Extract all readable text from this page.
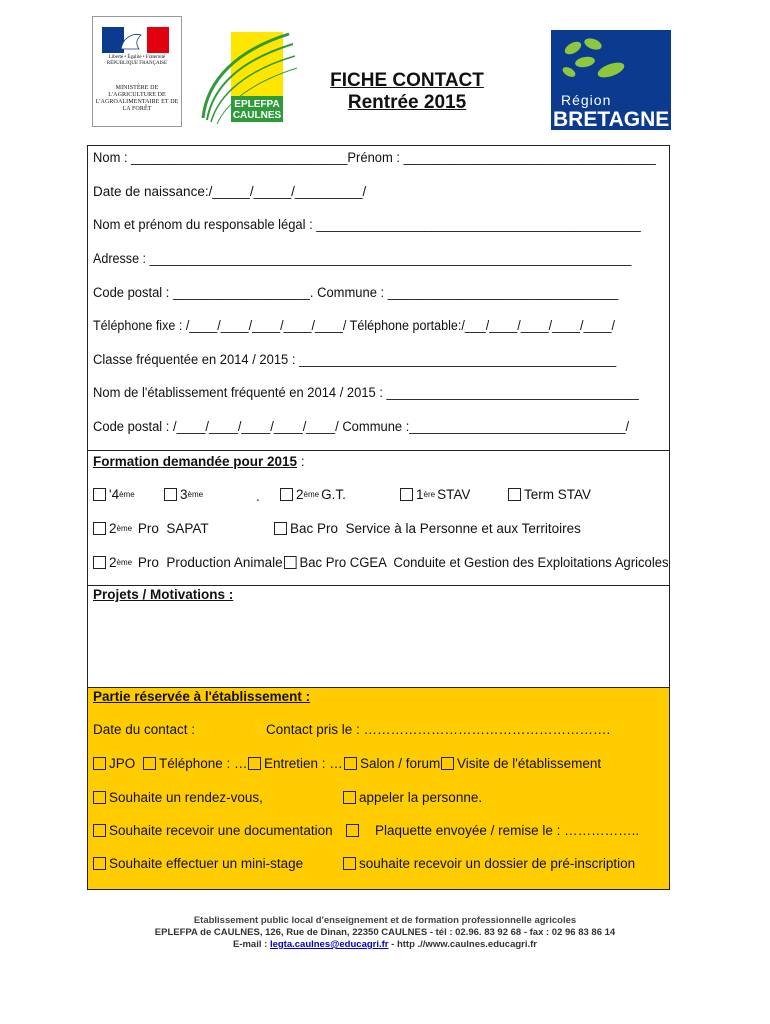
Liberté • Égalité • Fraternité
RÉPUBLIQUE FRANÇAISE
MINISTÈRE DE L'AGRICULTURE DE L'AGROALIMENTAIRE ET DE LA FORÊT	EPLEFPA
CAULNES
FICHE CONTACT
Rentrée 2015	Région
BRETAGNE
Nom : ______________________________Prénom : ___________________________________
Date de naissance:/_____/_____/_________/
Nom et prénom du responsable légal : _____________________________________________
Adresse : _____________________________________________________________________
Code postal : ___________________. Commune : ________________________________
Téléphone fixe : /____/____/____/____/____/ Téléphone portable:/___/____/____/____/____/
Classe fréquentée en 2014 / 2015 : ____________________________________________
Nom de l'établissement fréquenté en 2014 / 2015 : ___________________________________
Code postal : /____/____/____/____/____/ Commune :______________________________/
Formation demandée pour 2015 :
'4 ème	3 ème	.	2 ème G.T.	1 ère STAV	Term STAV
2 ème Pro  SAPAT	Bac Pro  Service à la Personne et aux Territoires
2 ème Pro  Production Animale Bac Pro CGEA  Conduite et Gestion des Exploitations Agricoles
Projets / Motivations :
Partie réservée à l'établissement :
Date du contact :	Contact pris le : ……………………………………………….
JPO Téléphone : … Entretien : … Salon / forum Visite de l'établissement
Souhaite un rendez-vous,	appeler la personne.
Souhaite recevoir une documentation	Plaquette envoyée / remise le : ……………..
Souhaite effectuer un mini-stage	souhaite recevoir un dossier de pré-inscription
Etablissement public local d'enseignement et de formation professionnelle agricoles
EPLEFPA de CAULNES, 126, Rue de Dinan, 22350 CAULNES - tél : 02.96. 83 92 68 - fax : 02 96 83 86 14
E-mail : legta.caulnes@educagri.fr - http .//www.caulnes.educagri.fr
